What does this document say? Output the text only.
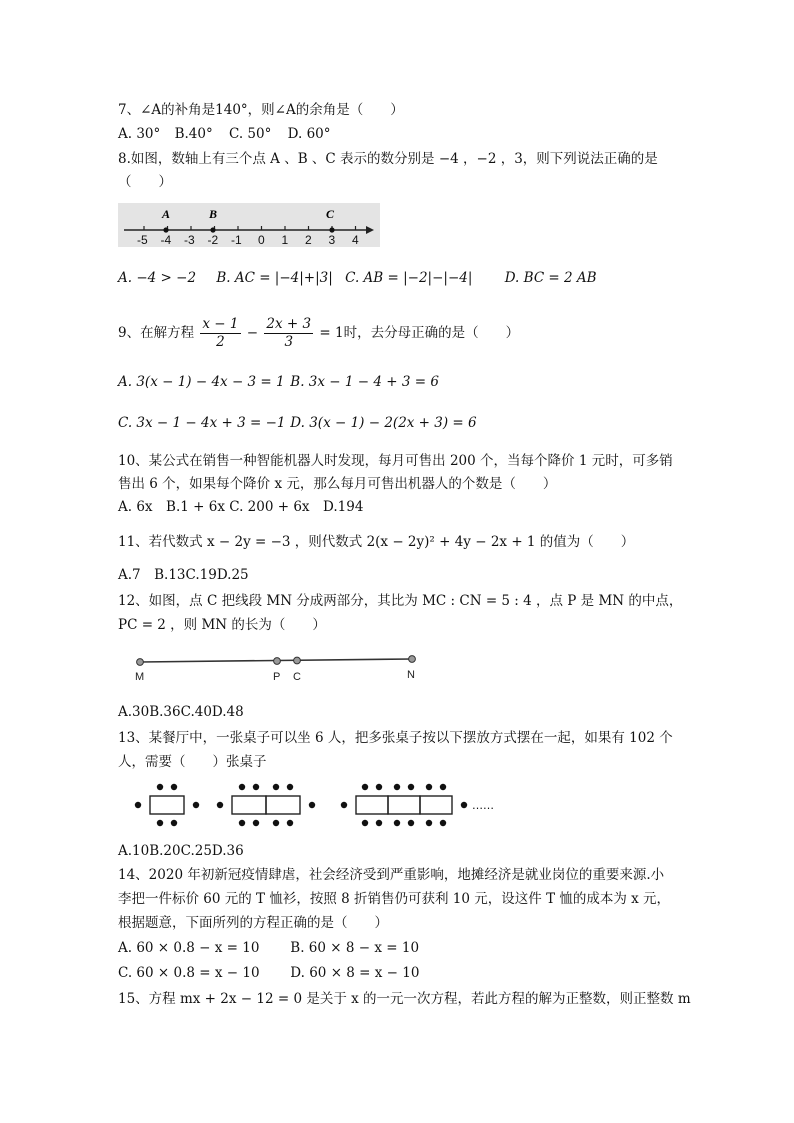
7、∠A的补角是140°，则∠A的余角是（　　）
A. 30° B.40° C. 50° D. 60°
8.如图，数轴上有三个点 A 、B 、C 表示的数分别是 −4 ，−2 ，3，则下列说法正确的是
（　　）
-5 -4 -3 -2 -1 0 1 2 3 4
A	B	C
A. −4 > −2 B. AC = |−4|+|3| C. AB = |−2|−|−4| D. BC = 2 AB
9、在解方程 $\frac{x - 1}{2} - \frac{2x + 3}{3} = 1$时，去分母正确的是（　　）
A. 3(x − 1) − 4x − 3 = 1 B. 3x − 1 − 4 + 3 = 6
C. 3x − 1 − 4x + 3 = −1 D. 3(x − 1) − 2(2x + 3) = 6
10、某公式在销售一种智能机器人时发现，每月可售出 200 个，当每个降价 1 元时，可多销
售出 6 个，如果每个降价 x 元，那么每月可售出机器人的个数是（　　）
A. 6x　B.1 + 6x C. 200 + 6x　D.194
11、若代数式 x − 2y = −3 ，则代数式 2(x − 2y)² + 4y − 2x + 1 的值为（　　）
A.7　B.13C.19D.25
12、如图，点 C 把线段 MN 分成两部分，其比为 MC : CN = 5 : 4 ，点 P 是 MN 的中点，
PC = 2 ，则 MN 的长为（　　）
M	P C	N
A.30B.36C.40D.48
13、某餐厅中，一张桌子可以坐 6 人，把多张桌子按以下摆放方式摆在一起，如果有 102 个
人，需要（　　）张桌子
……
A.10B.20C.25D.36
14、2020 年初新冠疫情肆虐，社会经济受到严重影响，地摊经济是就业岗位的重要来源.小
李把一件标价 60 元的 T 恤衫，按照 8 折销售仍可获利 10 元，设这件 T 恤的成本为 x 元，
根据题意，下面所列的方程正确的是（　　）
A. 60 × 0.8 − x = 10 B. 60 × 8 − x = 10
C. 60 × 0.8 = x − 10 D. 60 × 8 = x − 10
15、方程 mx + 2x − 12 = 0 是关于 x 的一元一次方程，若此方程的解为正整数，则正整数 m
